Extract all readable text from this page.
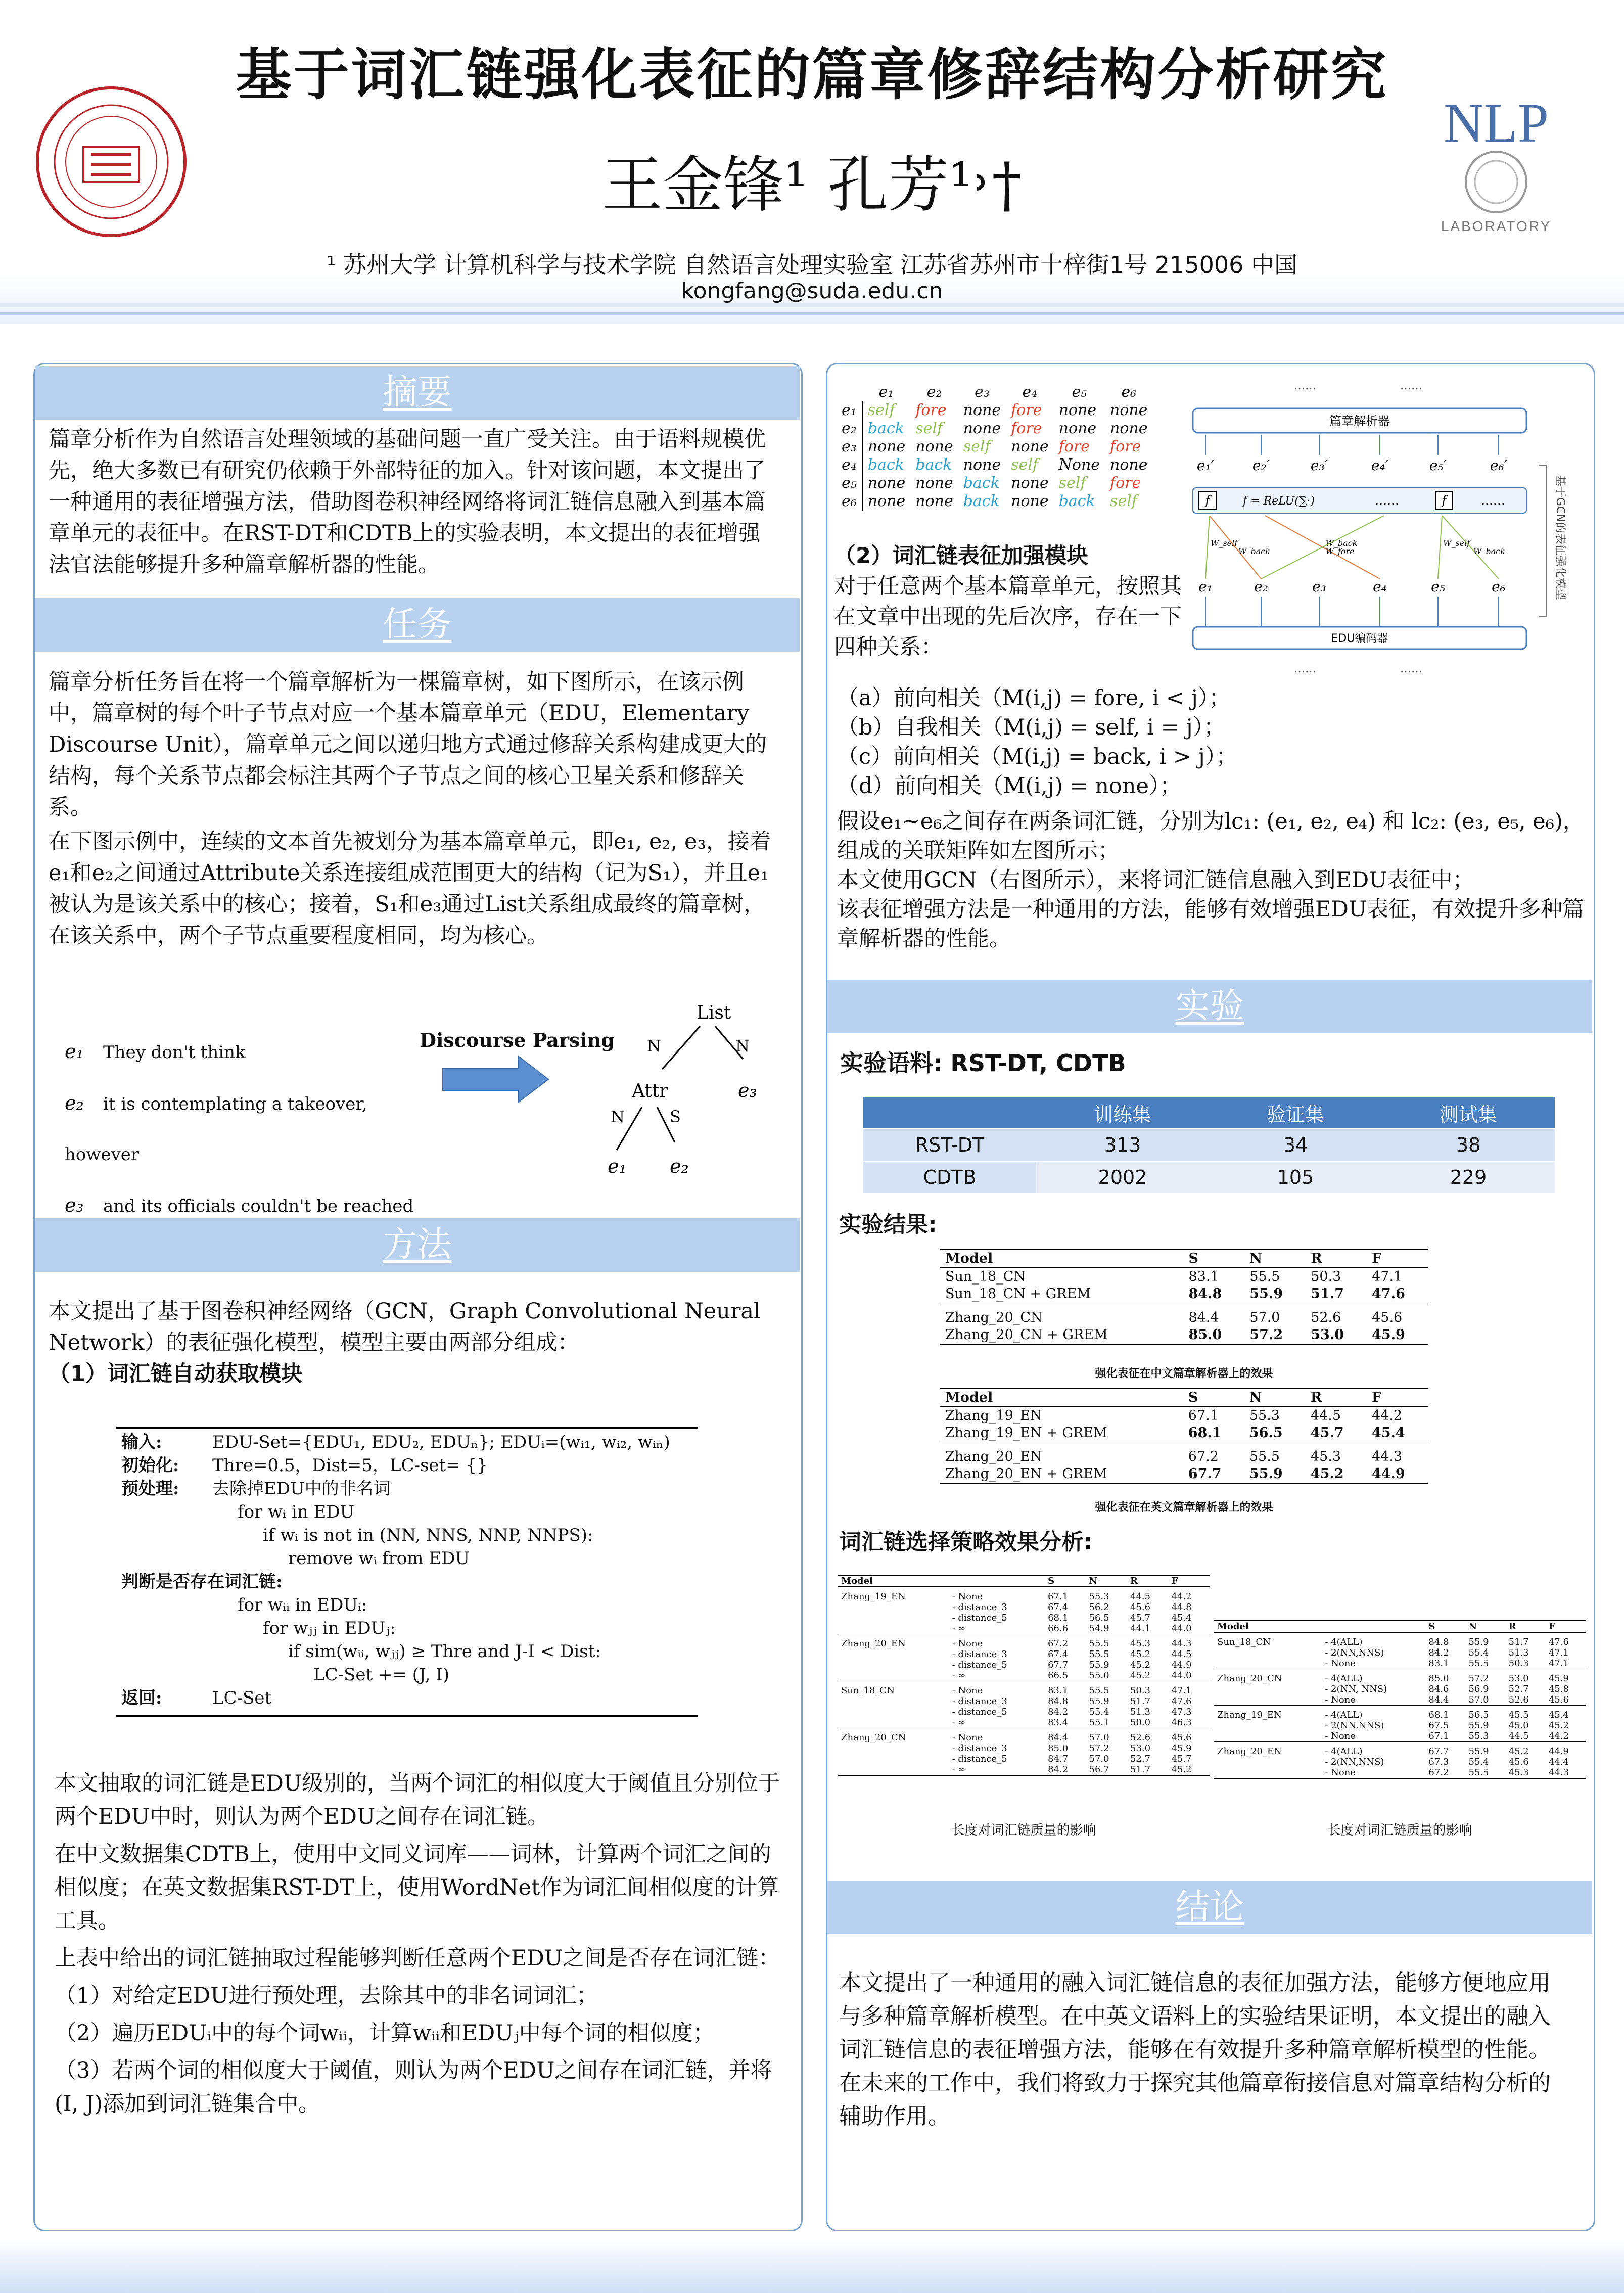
基于词汇链强化表征的篇章修辞结构分析研究
王金锋¹ 孔芳¹˒†
¹ 苏州大学 计算机科学与技术学院 自然语言处理实验室 江苏省苏州市十梓街1号 215006 中国
kongfang@suda.edu.cn
NLP
LABORATORY
摘要

篇章分析作为自然语言处理领域的基础问题一直广受关注。由于语料规模优先，绝大多数已有研究仍依赖于外部特征的加入。针对该问题，本文提出了一种通用的表征增强方法，借助图卷积神经网络将词汇链信息融入到基本篇章单元的表征中。在RST-DT和CDTB上的实验表明，本文提出的表征增强法官法能够提升多种篇章解析器的性能。

任务

篇章分析任务旨在将一个篇章解析为一棵篇章树，如下图所示，在该示例中，篇章树的每个叶子节点对应一个基本篇章单元（EDU，Elementary Discourse Unit），篇章单元之间以递归地方式通过修辞关系构建成更大的结构，每个关系节点都会标注其两个子节点之间的核心卫星关系和修辞关系。

在下图示例中，连续的文本首先被划分为基本篇章单元，即e₁, e₂, e₃，接着e₁和e₂之间通过Attribute关系连接组成范围更大的结构（记为S₁），并且e₁被认为是该关系中的核心；接着，S₁和e₃通过List关系组成最终的篇章树，在该关系中，两个子节点重要程度相同，均为核心。

e₁ They don't think
e₂ it is contemplating a takeover, however
e₃ and its officials couldn't be reached
Discourse Parsing
List
N	N
Attr	e₃
N	S
e₁ e₂
方法

本文提出了基于图卷积神经网络（GCN，Graph Convolutional Neural Network）的表征强化模型，模型主要由两部分组成：

（1）词汇链自动获取模块

输入:	EDU-Set={EDU₁, EDU₂, EDUₙ}; EDUᵢ=(wᵢ₁, wᵢ₂, wᵢₙ)
初始化: Thre=0.5，Dist=5，LC-set= {}
预处理: 去除掉EDU中的非名词
for wᵢ in EDU
if wᵢ is not in (NN, NNS, NNP, NNPS):
remove wᵢ from EDU
判断是否存在词汇链:
for wᵢᵢ in EDUᵢ:
for wⱼⱼ in EDUⱼ:
if sim(wᵢᵢ, wⱼⱼ) ≥ Thre and J-I < Dist:
LC-Set += (J, I)
返回:	LC-Set

本文抽取的词汇链是EDU级别的，当两个词汇的相似度大于阈值且分别位于两个EDU中时，则认为两个EDU之间存在词汇链。

在中文数据集CDTB上，使用中文同义词库——词林，计算两个词汇之间的相似度；在英文数据集RST-DT上，使用WordNet作为词汇间相似度的计算工具。

上表中给出的词汇链抽取过程能够判断任意两个EDU之间是否存在词汇链：

（1）对给定EDU进行预处理，去除其中的非名词词汇；

（2）遍历EDUᵢ中的每个词wᵢᵢ，计算wᵢᵢ和EDUⱼ中每个词的相似度；

（3）若两个词的相似度大于阈值，则认为两个EDU之间存在词汇链，并将(I, J)添加到词汇链集合中。

	e₁	e₂	e₃	e₄	e₅	e₆
e₁	self	fore	none	fore	none	none
e₂	back	self	none	fore	none	none
e₃	none	none	self	none	fore	fore
e₄	back	back	none	self	None	none
e₅	none	none	back	none	self	fore
e₆	none	none	back	none	back	self
……	……
篇章解析器
e₁′	e₂′	e₃′	e₄′	e₅′	e₆′
f	f = ReLU(∑·)	……	f	……
W_self
W_back
W_back
W_fore
W_self
W_back
e₁	e₂	e₃	e₄	e₅	e₆
EDU编码器
……	……
基于GCN的表征强化模型

（2）词汇链表征加强模块

对于任意两个基本篇章单元，按照其在文章中出现的先后次序，存在一下四种关系：

（a）前向相关（M(i,j) = fore, i < j）；

（b）自我相关（M(i,j) = self, i = j）；

（c）前向相关（M(i,j) = back, i > j）；

（d）前向相关（M(i,j) = none）；

假设e₁~e₆之间存在两条词汇链，分别为lc₁: (e₁, e₂, e₄) 和 lc₂: (e₃, e₅, e₆)，组成的关联矩阵如左图所示；

本文使用GCN（右图所示），来将词汇链信息融入到EDU表征中；

该表征增强方法是一种通用的方法，能够有效增强EDU表征，有效提升多种篇章解析器的性能。

实验
实验语料: RST-DT, CDTB
	训练集	验证集	测试集
RST-DT	313	34	38
CDTB	2002	105	229
实验结果:
Model	S	N	R	F
Sun_18_CN	83.1	55.5	50.3	47.1
Sun_18_CN + GREM	84.8	55.9	51.7	47.6
Zhang_20_CN	84.4	57.0	52.6	45.6
Zhang_20_CN + GREM	85.0	57.2	53.0	45.9
强化表征在中文篇章解析器上的效果
Model	S	N	R	F
Zhang_19_EN	67.1	55.3	44.5	44.2
Zhang_19_EN + GREM	68.1	56.5	45.7	45.4
Zhang_20_EN	67.2	55.5	45.3	44.3
Zhang_20_EN + GREM	67.7	55.9	45.2	44.9
强化表征在英文篇章解析器上的效果
词汇链选择策略效果分析:
Model		S	N	R	F
Zhang_19_EN	- None	67.1	55.3	44.5	44.2
	- distance_3	67.4	56.2	45.6	44.8
	- distance_5	68.1	56.5	45.7	45.4
	- ∞	66.6	54.9	44.1	44.0
Zhang_20_EN	- None	67.2	55.5	45.3	44.3
	- distance_3	67.4	55.5	45.2	44.5
	- distance_5	67.7	55.9	45.2	44.9
	- ∞	66.5	55.0	45.2	44.0
Sun_18_CN	- None	83.1	55.5	50.3	47.1
	- distance_3	84.8	55.9	51.7	47.6
	- distance_5	84.2	55.4	51.3	47.3
	- ∞	83.4	55.1	50.0	46.3
Zhang_20_CN	- None	84.4	57.0	52.6	45.6
	- distance_3	85.0	57.2	53.0	45.9
	- distance_5	84.7	57.0	52.7	45.7
	- ∞	84.2	56.7	51.7	45.2
长度对词汇链质量的影响
Model		S	N	R	F
Sun_18_CN	- 4(ALL)	84.8	55.9	51.7	47.6
	- 2(NN,NNS)	84.2	55.4	51.3	47.1
	- None	83.1	55.5	50.3	47.1
Zhang_20_CN	- 4(ALL)	85.0	57.2	53.0	45.9
	- 2(NN, NNS)	84.6	56.9	52.7	45.8
	- None	84.4	57.0	52.6	45.6
Zhang_19_EN	- 4(ALL)	68.1	56.5	45.5	45.4
	- 2(NN,NNS)	67.5	55.9	45.0	45.2
	- None	67.1	55.3	44.5	44.2
Zhang_20_EN	- 4(ALL)	67.7	55.9	45.2	44.9
	- 2(NN,NNS)	67.3	55.4	45.6	44.4
	- None	67.2	55.5	45.3	44.3
长度对词汇链质量的影响
结论

本文提出了一种通用的融入词汇链信息的表征加强方法，能够方便地应用与多种篇章解析模型。在中英文语料上的实验结果证明，本文提出的融入词汇链信息的表征增强方法，能够在有效提升多种篇章解析模型的性能。在未来的工作中，我们将致力于探究其他篇章衔接信息对篇章结构分析的辅助作用。
